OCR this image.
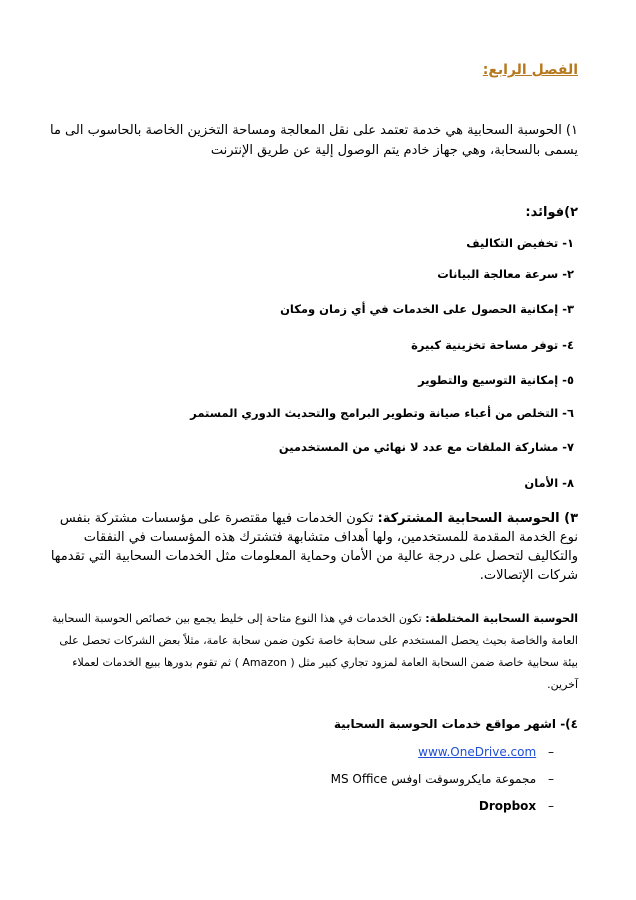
الفصل الرابع:
١) الحوسبة السحابية هي خدمة تعتمد على نقل المعالجة ومساحة التخزين الخاصة بالحاسوب الى ما يسمى بالسحابة، وهي جهاز خادم يتم الوصول إلية عن طريق الإنترنت
٢)فوائد:
١- تخفيض التكاليف
٢- سرعة معالجة البيانات
٣- إمكانية الحصول على الخدمات في أي زمان ومكان
٤- توفر مساحة تخزينية كبيرة
٥- إمكانية التوسيع والتطوير
٦- التخلص من أعباء صيانة وتطوير البرامج والتحديث الدوري المستمر
٧- مشاركة الملفات مع عدد لا نهائي من المستخدمين
٨- الأمان
٣) الحوسبة السحابية المشتركة: تكون الخدمات فيها مقتصرة على مؤسسات مشتركة بنفس نوع الخدمة المقدمة للمستخدمين، ولها أهداف متشابهة فتشترك هذه المؤسسات في النفقات والتكاليف لتحصل على درجة عالية من الأمان وحماية المعلومات مثل الخدمات السحابية التي تقدمها شركات الإتصالات.
الحوسبة السحابية المختلطة: تكون الخدمات في هذا النوع متاحة إلى خليط يجمع بين خصائص الحوسبة السحابية العامة والخاصة بحيث يحصل المستخدم على سحابة خاصة تكون ضمن سحابة عامة، مثلاً بعض الشركات تحصل على بيئة سحابية خاصة ضمن السحابة العامة لمزود تجاري كبير مثل ( Amazon ) ثم تقوم بدورها ببيع الخدمات لعملاء آخرين.
٤)- اشهر مواقع خدمات الحوسبة السحابية
– www.OneDrive.com
– مجموعة مايكروسوفت اوفس MS Office
– Dropbox
